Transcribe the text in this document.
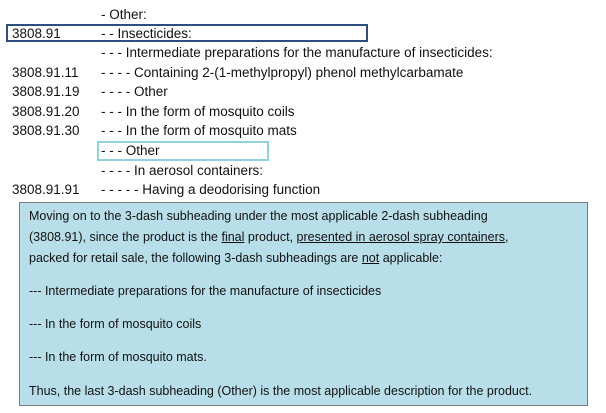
- Other:
3808.91	- - Insecticides:
- - - Intermediate preparations for the manufacture of insecticides:
3808.91.11 - - - - Containing 2-(1-methylpropyl) phenol methylcarbamate
3808.91.19 - - - - Other
3808.91.20 - - - In the form of mosquito coils
3808.91.30 - - - In the form of mosquito mats
- - - Other
- - - - In aerosol containers:
3808.91.91 - - - - - Having a deodorising function
Moving on to the 3-dash subheading under the most applicable 2-dash subheading
(3808.91), since the product is the final product, presented in aerosol spray containers,
packed for retail sale, the following 3-dash subheadings are not applicable:
--- Intermediate preparations for the manufacture of insecticides
--- In the form of mosquito coils
--- In the form of mosquito mats.
Thus, the last 3-dash subheading (Other) is the most applicable description for the product.
